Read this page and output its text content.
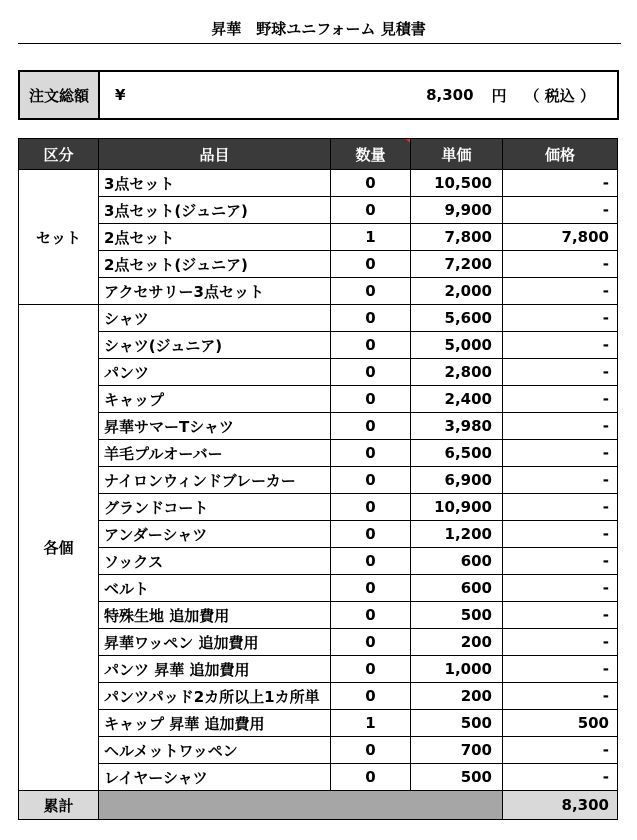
昇華　野球ユニフォーム 見積書
注文総額	¥	8,300 円 （ 税込 ）
区分	品目	数量	単価	価格
セット	3点セット	0	10,500	-
	3点セット(ジュニア)	0	9,900	-
	2点セット	1	7,800	7,800
	2点セット(ジュニア)	0	7,200	-
	アクセサリー3点セット	0	2,000	-
各個	シャツ	0	5,600	-
	シャツ(ジュニア)	0	5,000	-
	パンツ	0	2,800	-
	キャップ	0	2,400	-
	昇華サマーTシャツ	0	3,980	-
	羊毛プルオーバー	0	6,500	-
	ナイロンウィンドブレーカー	0	6,900	-
	グランドコート	0	10,900	-
	アンダーシャツ	0	1,200	-
	ソックス	0	600	-
	ベルト	0	600	-
	特殊生地 追加費用	0	500	-
	昇華ワッペン 追加費用	0	200	-
	パンツ 昇華 追加費用	0	1,000	-
	パンツパッド2カ所以上1カ所単	0	200	-
	キャップ 昇華 追加費用	1	500	500
	ヘルメットワッペン	0	700	-
	レイヤーシャツ	0	500	-
累計				8,300
